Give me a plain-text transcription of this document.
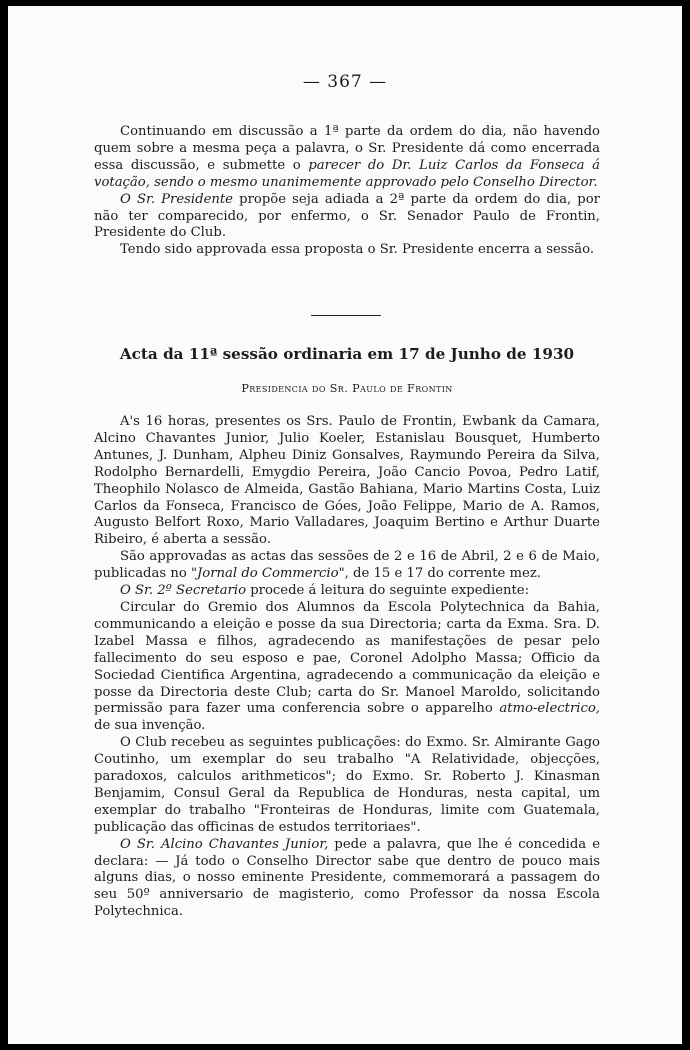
— 367 —

Continuando em discussão a 1ª parte da ordem do dia, não havendo quem sobre a mesma peça a palavra, o Sr. Presidente dá como encerrada essa discussão, e submette o parecer do Dr. Luiz Carlos da Fonseca á votação, sendo o mesmo unanimemente approvado pelo Conselho Director.

O Sr. Presidente propõe seja adiada a 2ª parte da ordem do dia, por não ter comparecido, por enfermo, o Sr. Senador Paulo de Frontin, Presidente do Club.

Tendo sido approvada essa proposta o Sr. Presidente encerra a sessão.

Acta da 11ª sessão ordinaria em 17 de Junho de 1930
Presidencia do Sr. Paulo de Frontin

A's 16 horas, presentes os Srs. Paulo de Frontin, Ewbank da Camara, Alcino Chavantes Junior, Julio Koeler, Estanislau Bousquet, Humberto Antunes, J. Dunham, Alpheu Diniz Gonsalves, Raymundo Pereira da Silva, Rodolpho Bernardelli, Emygdio Pereira, João Cancio Povoa, Pedro Latif, Theophilo Nolasco de Almeida, Gastão Bahiana, Mario Martins Costa, Luiz Carlos da Fonseca, Francisco de Góes, João Felippe, Mario de A. Ramos, Augusto Belfort Roxo, Mario Valladares, Joaquim Bertino e Arthur Duarte Ribeiro, é aberta a sessão.

São approvadas as actas das sessões de 2 e 16 de Abril, 2 e 6 de Maio, publicadas no "Jornal do Commercio", de 15 e 17 do corrente mez.

O Sr. 2º Secretario procede á leitura do seguinte expediente:

Circular do Gremio dos Alumnos da Escola Polytechnica da Bahia, communicando a eleição e posse da sua Directoria; carta da Exma. Sra. D. Izabel Massa e filhos, agradecendo as manifestações de pesar pelo fallecimento do seu esposo e pae, Coronel Adolpho Massa; Officio da Sociedad Cientifica Argentina, agradecendo a communicação da eleição e posse da Directoria deste Club; carta do Sr. Manoel Maroldo, solicitando permissão para fazer uma conferencia sobre o apparelho atmo-electrico, de sua invenção.

O Club recebeu as seguintes publicações: do Exmo. Sr. Almirante Gago Coutinho, um exemplar do seu trabalho "A Relatividade, objecções, paradoxos, calculos arithmeticos"; do Exmo. Sr. Roberto J. Kinasman Benjamim, Consul Geral da Republica de Honduras, nesta capital, um exemplar do trabalho "Fronteiras de Honduras, limite com Guatemala, publicação das officinas de estudos territoriaes".

O Sr. Alcino Chavantes Junior, pede a palavra, que lhe é concedida e declara: — Já todo o Conselho Director sabe que dentro de pouco mais alguns dias, o nosso eminente Presidente, commemorará a passagem do seu 50º anniversario de magisterio, como Professor da nossa Escola Polytechnica.
